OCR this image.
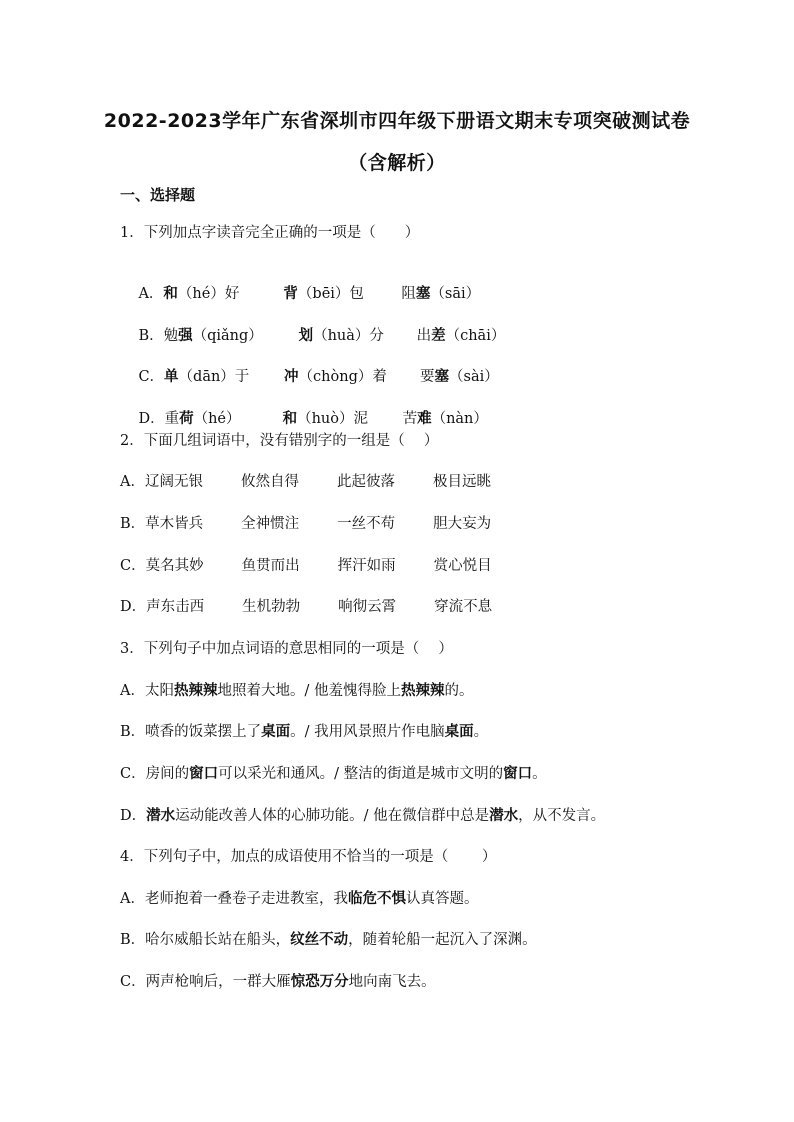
2022-2023学年广东省深圳市四年级下册语文期末专项突破测试卷
（含解析）
一、选择题
1．下列加点字读音完全正确的一项是（　　）

A．和（hé）好	背（bēi）包	阻塞（sāi）

B．勉强（qiǎng） 划（huà）分 出差（chāi）

C．单（dān）于 冲（chòng）着 要塞（sài）

D．重荷（hé）	和（huò）泥 苦难（nàn）

2．下面几组词语中，没有错别字的一组是（　 ）
A．辽阔无银	攸然自得	此起彼落	极目远眺
B．草木皆兵	全神惯注	一丝不苟	胆大妄为
C．莫名其妙	鱼贯而出	挥汗如雨	赏心悦目
D．声东击西	生机勃勃	响彻云霄	穿流不息
3．下列句子中加点词语的意思相同的一项是（　 ）
A．太阳热辣辣地照着大地。/ 他羞愧得脸上热辣辣的。
B．喷香的饭菜摆上了桌面。/ 我用风景照片作电脑桌面。
C．房间的窗口可以采光和通风。/ 整洁的街道是城市文明的窗口。
D．潜水运动能改善人体的心肺功能。/ 他在微信群中总是潜水，从不发言。
4．下列句子中，加点的成语使用不恰当的一项是（　　 ）
A．老师抱着一叠卷子走进教室，我临危不惧认真答题。
B．哈尔威船长站在船头，纹丝不动，随着轮船一起沉入了深渊。
C．两声枪响后，一群大雁惊恐万分地向南飞去。
